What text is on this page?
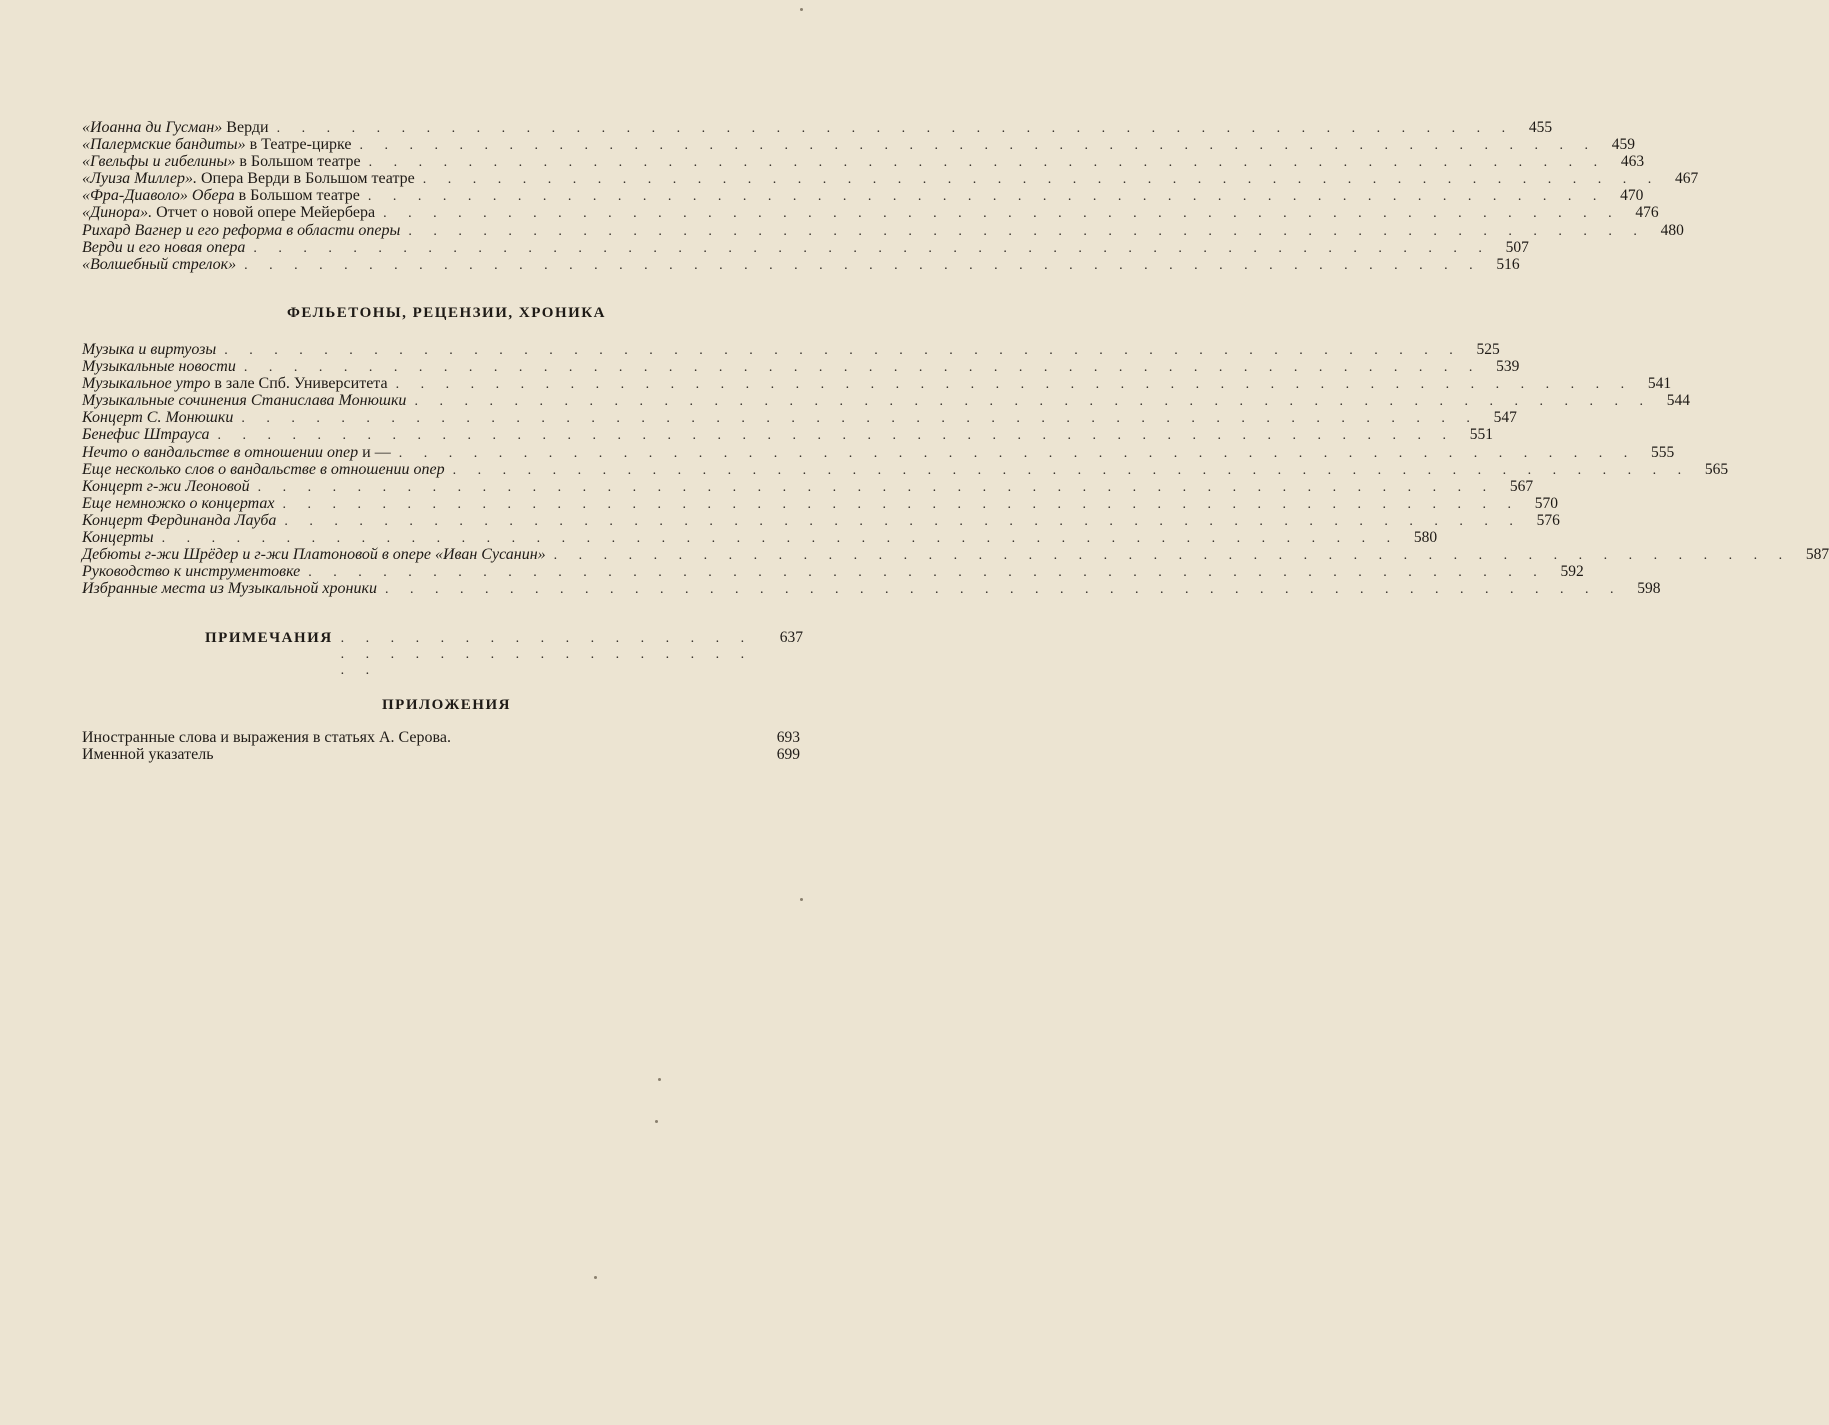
«Иоанна ди Гусман» Верди . . . . . . . . . . . . . . . . . . . . . . . . . . . . . . . . . . . . . . . . . . . . . . . . . . 455
«Палермские бандиты» в Театре-цирке . . . . . . . . . . . . . . . . . . . . . . . . . . . . . . . . . . . . . . . . . . . . . . . . . . 459
«Гвельфы и гибелины» в Большом театре . . . . . . . . . . . . . . . . . . . . . . . . . . . . . . . . . . . . . . . . . . . . . . . . . . 463
«Луиза Миллер». Опера Верди в Большом театре . . . . . . . . . . . . . . . . . . . . . . . . . . . . . . . . . . . . . . . . . . . . . . . . . . 467
«Фра-Диаволо» Обера в Большом театре . . . . . . . . . . . . . . . . . . . . . . . . . . . . . . . . . . . . . . . . . . . . . . . . . . 470
«Динора». Отчет о новой опере Мейербера . . . . . . . . . . . . . . . . . . . . . . . . . . . . . . . . . . . . . . . . . . . . . . . . . . 476
Рихард Вагнер и его реформа в области оперы . . . . . . . . . . . . . . . . . . . . . . . . . . . . . . . . . . . . . . . . . . . . . . . . . . 480
Верди и его новая опера . . . . . . . . . . . . . . . . . . . . . . . . . . . . . . . . . . . . . . . . . . . . . . . . . . 507
«Волшебный стрелок» . . . . . . . . . . . . . . . . . . . . . . . . . . . . . . . . . . . . . . . . . . . . . . . . . . 516
ФЕЛЬЕТОНЫ, РЕЦЕНЗИИ, ХРОНИКА
Музыка и виртуозы . . . . . . . . . . . . . . . . . . . . . . . . . . . . . . . . . . . . . . . . . . . . . . . . . . 525
Музыкальные новости . . . . . . . . . . . . . . . . . . . . . . . . . . . . . . . . . . . . . . . . . . . . . . . . . . 539
Музыкальное утро в зале Спб. Университета . . . . . . . . . . . . . . . . . . . . . . . . . . . . . . . . . . . . . . . . . . . . . . . . . . 541
Музыкальные сочинения Станислава Монюшки . . . . . . . . . . . . . . . . . . . . . . . . . . . . . . . . . . . . . . . . . . . . . . . . . . 544
Концерт С. Монюшки . . . . . . . . . . . . . . . . . . . . . . . . . . . . . . . . . . . . . . . . . . . . . . . . . . 547
Бенефис Штрауса . . . . . . . . . . . . . . . . . . . . . . . . . . . . . . . . . . . . . . . . . . . . . . . . . . 551
Нечто о вандальстве в отношении опер и — . . . . . . . . . . . . . . . . . . . . . . . . . . . . . . . . . . . . . . . . . . . . . . . . . . 555
Еще несколько слов о вандальстве в отношении опер . . . . . . . . . . . . . . . . . . . . . . . . . . . . . . . . . . . . . . . . . . . . . . . . . . 565
Концерт г-жи Леоновой . . . . . . . . . . . . . . . . . . . . . . . . . . . . . . . . . . . . . . . . . . . . . . . . . . 567
Еще немножко о концертах . . . . . . . . . . . . . . . . . . . . . . . . . . . . . . . . . . . . . . . . . . . . . . . . . . 570
Концерт Фердинанда Лауба . . . . . . . . . . . . . . . . . . . . . . . . . . . . . . . . . . . . . . . . . . . . . . . . . . 576
Концерты . . . . . . . . . . . . . . . . . . . . . . . . . . . . . . . . . . . . . . . . . . . . . . . . . . 580
Дебюты г-жи Шрёдер и г-жи Платоновой в опере «Иван Сусанин» . . . . . . . . . . . . . . . . . . . . . . . . . . . . . . . . . . . . . . . . . . . . . . . . . . 587
Руководство к инструментовке . . . . . . . . . . . . . . . . . . . . . . . . . . . . . . . . . . . . . . . . . . . . . . . . . . 592
Избранные места из Музыкальной хроники . . . . . . . . . . . . . . . . . . . . . . . . . . . . . . . . . . . . . . . . . . . . . . . . . . 598
ПРИМЕЧАНИЯ . . . . . . . . . . . . . . . . . . . . . . . . . . . . . . . . . . . .
637
ПРИЛОЖЕНИЯ
Иностранные слова и выражения в статьях А. Серова.	693
Именной указатель	699
